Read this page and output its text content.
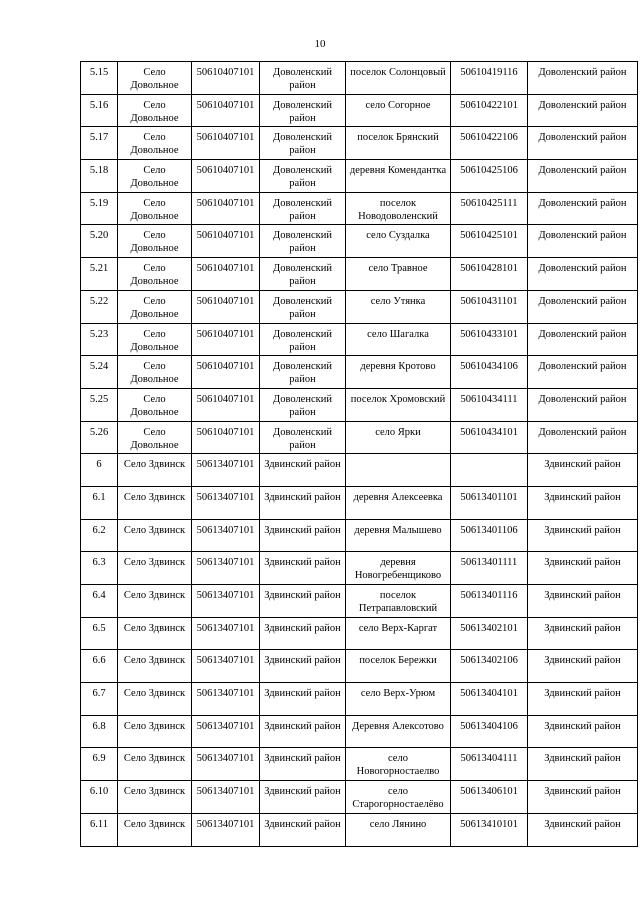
10
5.15	Село Довольное	50610407101	Доволенский район	поселок Солонцовый	50610419116	Доволенский район
5.16	Село Довольное	50610407101	Доволенский район	село Согорное	50610422101	Доволенский район
5.17	Село Довольное	50610407101	Доволенский район	поселок Брянский	50610422106	Доволенский район
5.18	Село Довольное	50610407101	Доволенский район	деревня Комендантка	50610425106	Доволенский район
5.19	Село Довольное	50610407101	Доволенский район	поселок Новодоволенский	50610425111	Доволенский район
5.20	Село Довольное	50610407101	Доволенский район	село Суздалка	50610425101	Доволенский район
5.21	Село Довольное	50610407101	Доволенский район	село Травное	50610428101	Доволенский район
5.22	Село Довольное	50610407101	Доволенский район	село Утянка	50610431101	Доволенский район
5.23	Село Довольное	50610407101	Доволенский район	село Шагалка	50610433101	Доволенский район
5.24	Село Довольное	50610407101	Доволенский район	деревня Кротово	50610434106	Доволенский район
5.25	Село Довольное	50610407101	Доволенский район	поселок Хромовский	50610434111	Доволенский район
5.26	Село Довольное	50610407101	Доволенский район	село Ярки	50610434101	Доволенский район
6	Село Здвинск	50613407101	Здвинский район			Здвинский район
6.1	Село Здвинск	50613407101	Здвинский район	деревня Алексеевка	50613401101	Здвинский район
6.2	Село Здвинск	50613407101	Здвинский район	деревня Малышево	50613401106	Здвинский район
6.3	Село Здвинск	50613407101	Здвинский район	деревня Новогребенщиково	50613401111	Здвинский район
6.4	Село Здвинск	50613407101	Здвинский район	поселок Петрапавловский	50613401116	Здвинский район
6.5	Село Здвинск	50613407101	Здвинский район	село Верх-Каргат	50613402101	Здвинский район
6.6	Село Здвинск	50613407101	Здвинский район	поселок Бережки	50613402106	Здвинский район
6.7	Село Здвинск	50613407101	Здвинский район	село Верх-Урюм	50613404101	Здвинский район
6.8	Село Здвинск	50613407101	Здвинский район	Деревня Алексотово	50613404106	Здвинский район
6.9	Село Здвинск	50613407101	Здвинский район	село Новогорностаелво	50613404111	Здвинский район
6.10	Село Здвинск	50613407101	Здвинский район	село Старогорностаелёво	50613406101	Здвинский район
6.11	Село Здвинск	50613407101	Здвинский район	село Лянино	50613410101	Здвинский район
